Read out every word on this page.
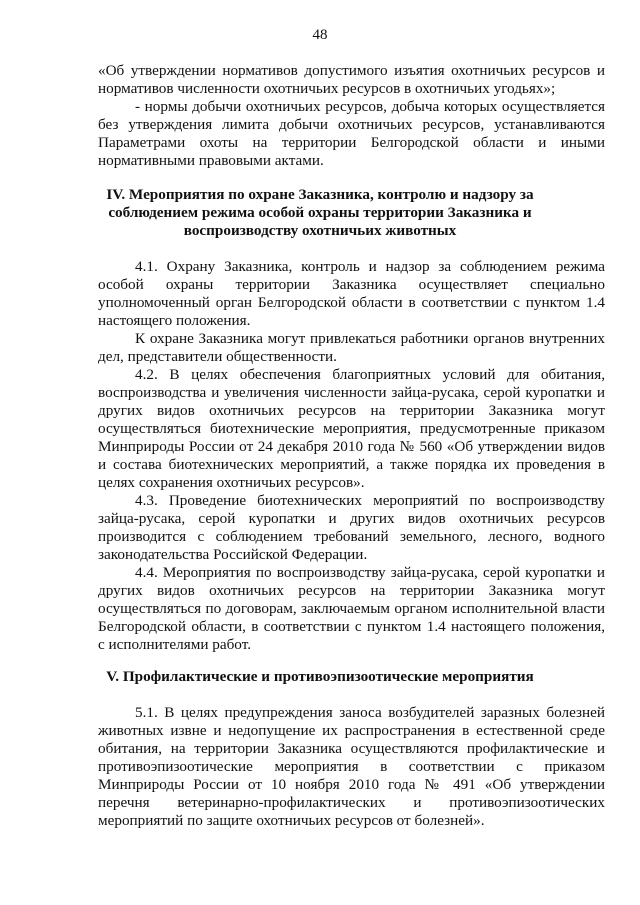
48
«Об утверждении нормативов допустимого изъятия охотничьих ресурсов и
нормативов численности охотничьих ресурсов в охотничьих угодьях»;
- нормы добычи охотничьих ресурсов, добыча которых осуществляется
без утверждения лимита добычи охотничьих ресурсов, устанавливаются
Параметрами охоты на территории Белгородской области и иными
нормативными правовыми актами.
IV. Мероприятия по охране Заказника, контролю и надзору за
соблюдением режима особой охраны территории Заказника и
воспроизводству охотничьих животных
4.1. Охрану Заказника, контроль и надзор за соблюдением режима
особой охраны территории Заказника осуществляет специально
уполномоченный орган Белгородской области в соответствии с пунктом 1.4
настоящего положения.
К охране Заказника могут привлекаться работники органов внутренних
дел, представители общественности.
4.2. В целях обеспечения благоприятных условий для обитания,
воспроизводства и увеличения численности зайца-русака, серой куропатки и
других видов охотничьих ресурсов на территории Заказника могут
осуществляться биотехнические мероприятия, предусмотренные приказом
Минприроды России от 24 декабря 2010 года № 560 «Об утверждении видов
и состава биотехнических мероприятий, а также порядка их проведения в
целях сохранения охотничьих ресурсов».
4.3. Проведение биотехнических мероприятий по воспроизводству
зайца-русака, серой куропатки и других видов охотничьих ресурсов
производится с соблюдением требований земельного, лесного, водного
законодательства Российской Федерации.
4.4. Мероприятия по воспроизводству зайца-русака, серой куропатки и
других видов охотничьих ресурсов на территории Заказника могут
осуществляться по договорам, заключаемым органом исполнительной власти
Белгородской области, в соответствии с пунктом 1.4 настоящего положения,
с исполнителями работ.
V. Профилактические и противоэпизоотические мероприятия
5.1. В целях предупреждения заноса возбудителей заразных болезней
животных извне и недопущение их распространения в естественной среде
обитания, на территории Заказника осуществляются профилактические и
противоэпизоотические мероприятия в соответствии с приказом
Минприроды России от 10 ноября 2010 года № 491 «Об утверждении
перечня ветеринарно-профилактических и противоэпизоотических
мероприятий по защите охотничьих ресурсов от болезней».
